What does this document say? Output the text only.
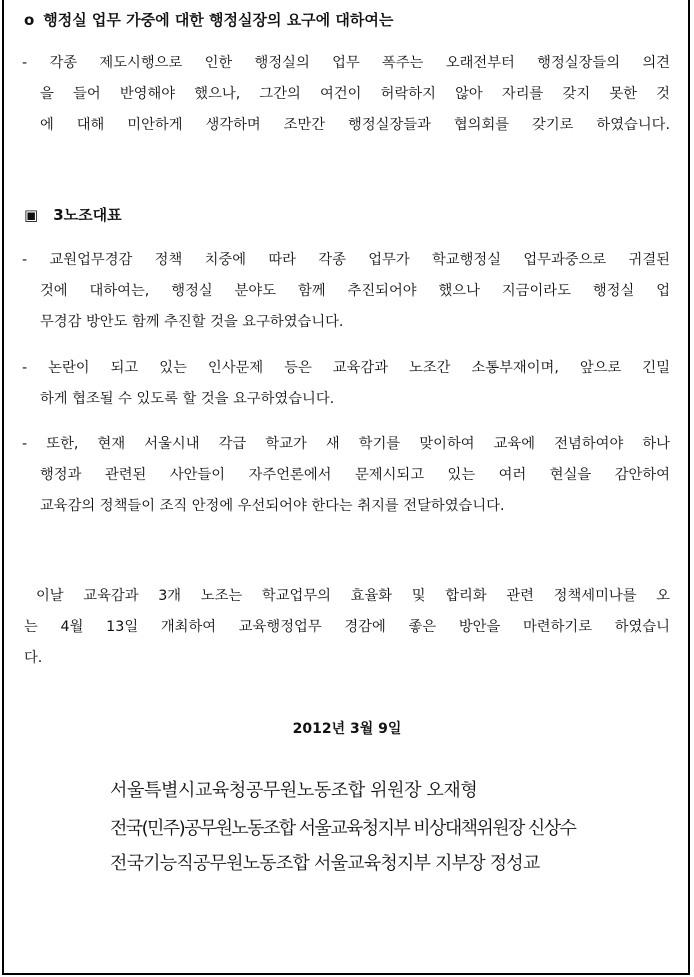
o 행정실 업무 가중에 대한 행정실장의 요구에 대하여는
- 각종 제도시행으로 인한 행정실의 업무 폭주는 오래전부터 행정실장들의 의견
을 들어 반영해야 했으나, 그간의 여건이 허락하지 않아 자리를 갖지 못한 것
에 대해 미안하게 생각하며 조만간 행정실장들과 협의회를 갖기로 하였습니다.
▣ 3노조대표
- 교원업무경감 정책 치중에 따라 각종 업무가 학교행정실 업무과중으로 귀결된
것에 대하여는, 행정실 분야도 함께 추진되어야 했으나 지금이라도 행정실 업
무경감 방안도 함께 추진할 것을 요구하였습니다.
- 논란이 되고 있는 인사문제 등은 교육감과 노조간 소통부재이며, 앞으로 긴밀
하게 협조될 수 있도록 할 것을 요구하였습니다.
- 또한, 현재 서울시내 각급 학교가 새 학기를 맞이하여 교육에 전념하여야 하나
행정과 관련된 사안들이 자주언론에서 문제시되고 있는 여러 현실을 감안하여
교육감의 정책들이 조직 안정에 우선되어야 한다는 취지를 전달하였습니다.
이날 교육감과 3개 노조는 학교업무의 효율화 및 합리화 관련 정책세미나를 오
는 4월 13일 개최하여 교육행정업무 경감에 좋은 방안을 마련하기로 하였습니
다.
2012년 3월 9일
서울특별시교육청공무원노동조합 위원장 오재형
전국(민주)공무원노동조합 서울교육청지부 비상대책위원장 신상수
전국기능직공무원노동조합 서울교육청지부 지부장 정성교
